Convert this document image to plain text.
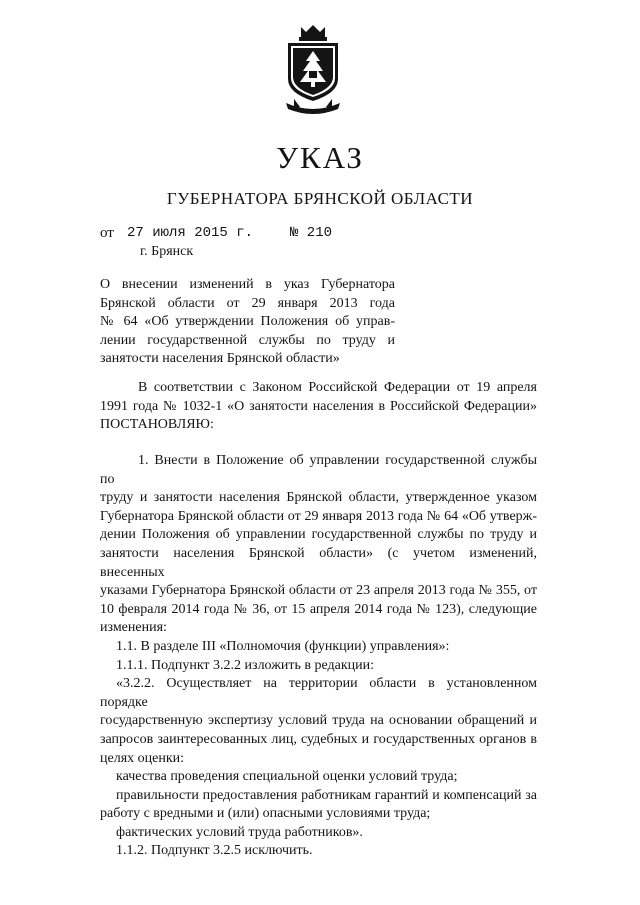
УКАЗ
ГУБЕРНАТОРА БРЯНСКОЙ ОБЛАСТИ
от 27 июля 2015 г.	№ 210
г. Брянск

О внесении изменений в указ Губернатора

Брянской области от 29 января 2013 года

№ 64 «Об утверждении Положения об управ-

лении государственной службы по труду и

занятости населения Брянской области»

В соответствии с Законом Российской Федерации от 19 апреля

1991 года № 1032-1 «О занятости населения в Российской Федерации»

ПОСТАНОВЛЯЮ:

1. Внести в Положение об управлении государственной службы по

труду и занятости населения Брянской области, утвержденное указом

Губернатора Брянской области от 29 января 2013 года № 64 «Об утверж-

дении Положения об управлении государственной службы по труду и

занятости населения Брянской области» (с учетом изменений, внесенных

указами Губернатора Брянской области от 23 апреля 2013 года № 355, от

10 февраля 2014 года № 36, от 15 апреля 2014 года № 123), следующие

изменения:

1.1. В разделе III «Полномочия (функции) управления»:

1.1.1. Подпункт 3.2.2 изложить в редакции:

«3.2.2. Осуществляет на территории области в установленном порядке

государственную экспертизу условий труда на основании обращений и

запросов заинтересованных лиц, судебных и государственных органов в

целях оценки:

качества проведения специальной оценки условий труда;

правильности предоставления работникам гарантий и компенсаций за

работу с вредными и (или) опасными условиями труда;

фактических условий труда работников».

1.1.2. Подпункт 3.2.5 исключить.
